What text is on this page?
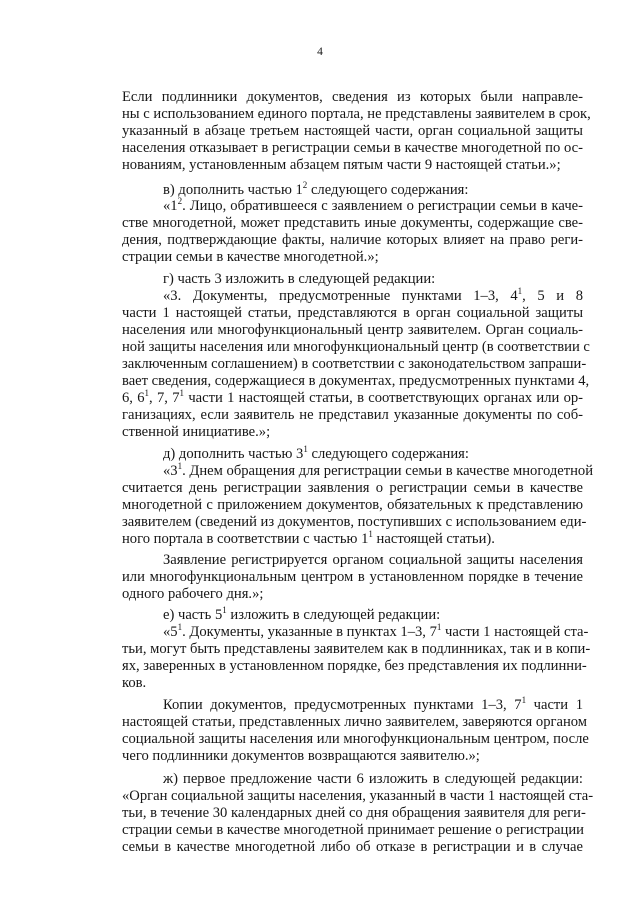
4
Если подлинники документов, сведения из которых были направле-
ны с использованием единого портала, не представлены заявителем в срок,
указанный в абзаце третьем настоящей части, орган социальной защиты
населения отказывает в регистрации семьи в качестве многодетной по ос-
нованиям, установленным абзацем пятым части 9 настоящей статьи.»;
в) дополнить частью $1^2$ следующего содержания:
«$1^2$. Лицо, обратившееся с заявлением о регистрации семьи в каче-
стве многодетной, может представить иные документы, содержащие све-
дения, подтверждающие факты, наличие которых влияет на право реги-
страции семьи в качестве многодетной.»;
г) часть 3 изложить в следующей редакции:
«3. Документы, предусмотренные пунктами 1–3, $4^1$, 5 и 8
части 1 настоящей статьи, представляются в орган социальной защиты
населения или многофункциональный центр заявителем. Орган социаль-
ной защиты населения или многофункциональный центр (в соответствии с
заключенным соглашением) в соответствии с законодательством запраши-
вает сведения, содержащиеся в документах, предусмотренных пунктами 4,
6, $6^1$, 7, $7^1$ части 1 настоящей статьи, в соответствующих органах или ор-
ганизациях, если заявитель не представил указанные документы по соб-
ственной инициативе.»;
д) дополнить частью $3^1$ следующего содержания:
«$3^1$. Днем обращения для регистрации семьи в качестве многодетной
считается день регистрации заявления о регистрации семьи в качестве
многодетной с приложением документов, обязательных к представлению
заявителем (сведений из документов, поступивших с использованием еди-
ного портала в соответствии с частью $1^1$ настоящей статьи).
Заявление регистрируется органом социальной защиты населения
или многофункциональным центром в установленном порядке в течение
одного рабочего дня.»;
е) часть $5^1$ изложить в следующей редакции:
«$5^1$. Документы, указанные в пунктах 1–3, $7^1$ части 1 настоящей ста-
тьи, могут быть представлены заявителем как в подлинниках, так и в копи-
ях, заверенных в установленном порядке, без представления их подлинни-
ков.
Копии документов, предусмотренных пунктами 1–3, $7^1$ части 1
настоящей статьи, представленных лично заявителем, заверяются органом
социальной защиты населения или многофункциональным центром, после
чего подлинники документов возвращаются заявителю.»;
ж) первое предложение части 6 изложить в следующей редакции:
«Орган социальной защиты населения, указанный в части 1 настоящей ста-
тьи, в течение 30 календарных дней со дня обращения заявителя для реги-
страции семьи в качестве многодетной принимает решение о регистрации
семьи в качестве многодетной либо об отказе в регистрации и в случае
